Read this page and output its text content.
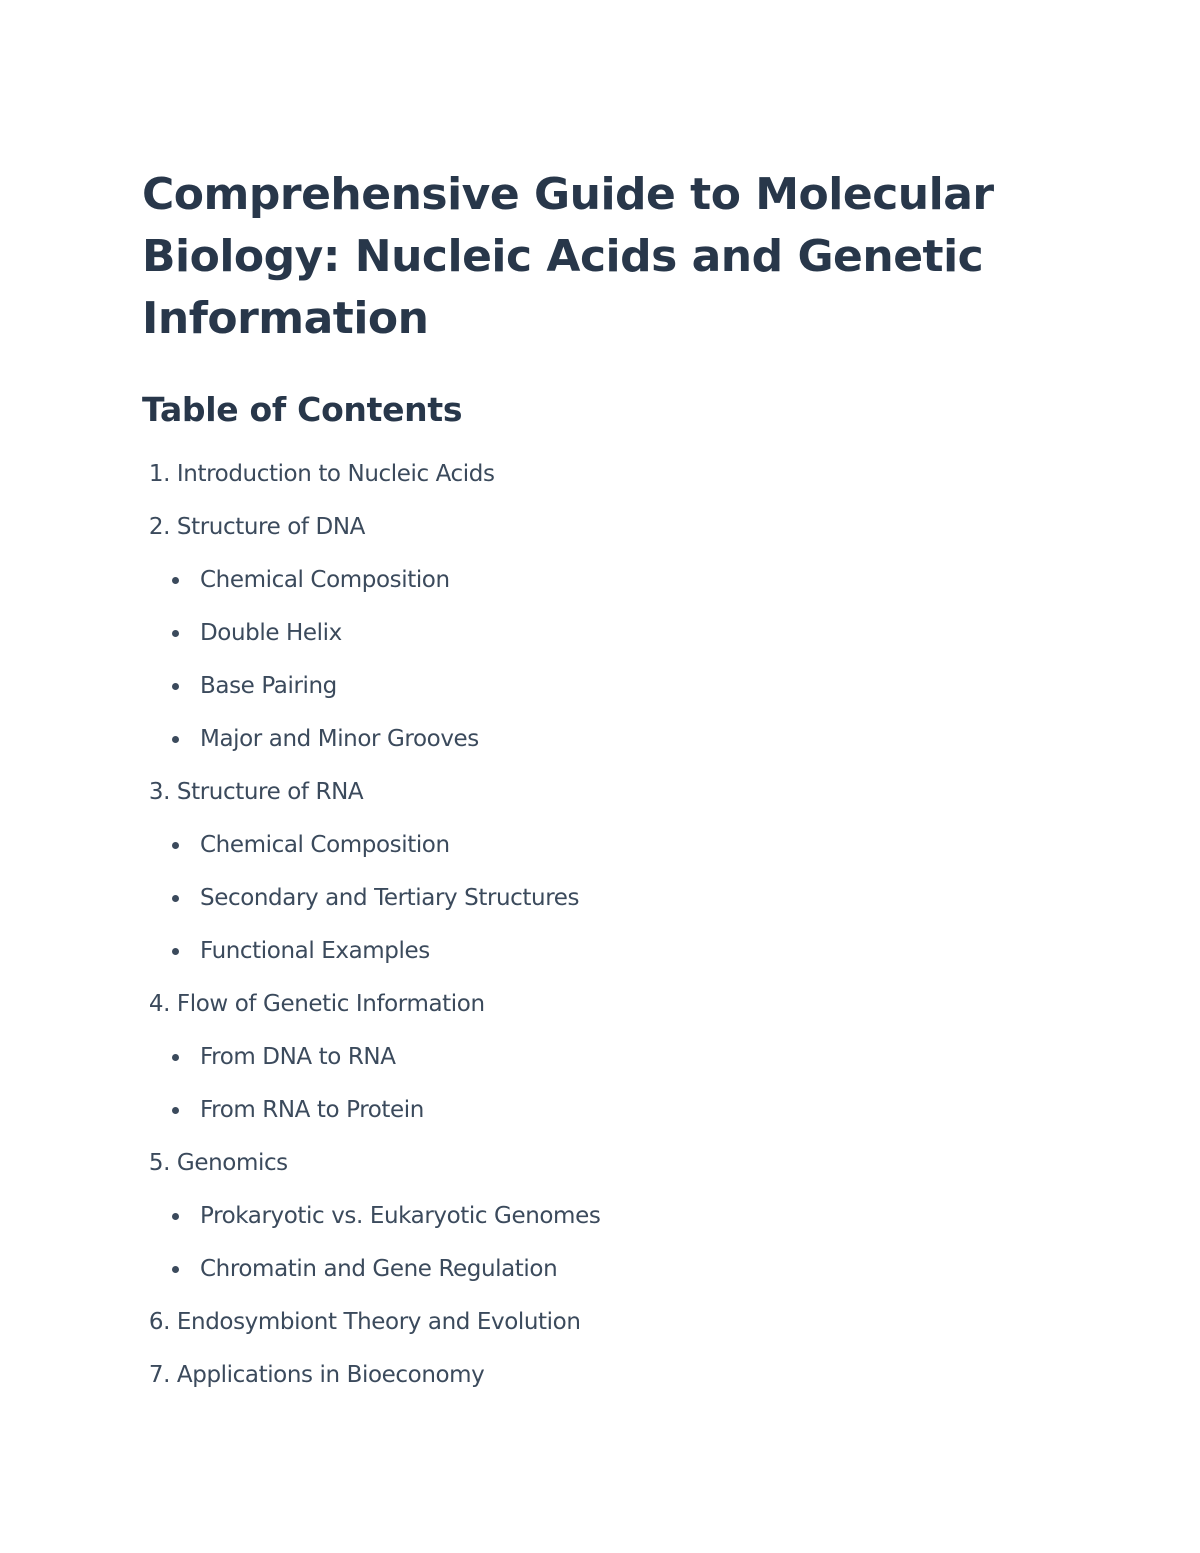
Comprehensive Guide to Molecular Biology: Nucleic Acids and Genetic Information
Table of Contents
1. Introduction to Nucleic Acids
2. Structure of DNA
Chemical Composition
Double Helix
Base Pairing
Major and Minor Grooves
3. Structure of RNA
Chemical Composition
Secondary and Tertiary Structures
Functional Examples
4. Flow of Genetic Information
From DNA to RNA
From RNA to Protein
5. Genomics
Prokaryotic vs. Eukaryotic Genomes
Chromatin and Gene Regulation
6. Endosymbiont Theory and Evolution
7. Applications in Bioeconomy
